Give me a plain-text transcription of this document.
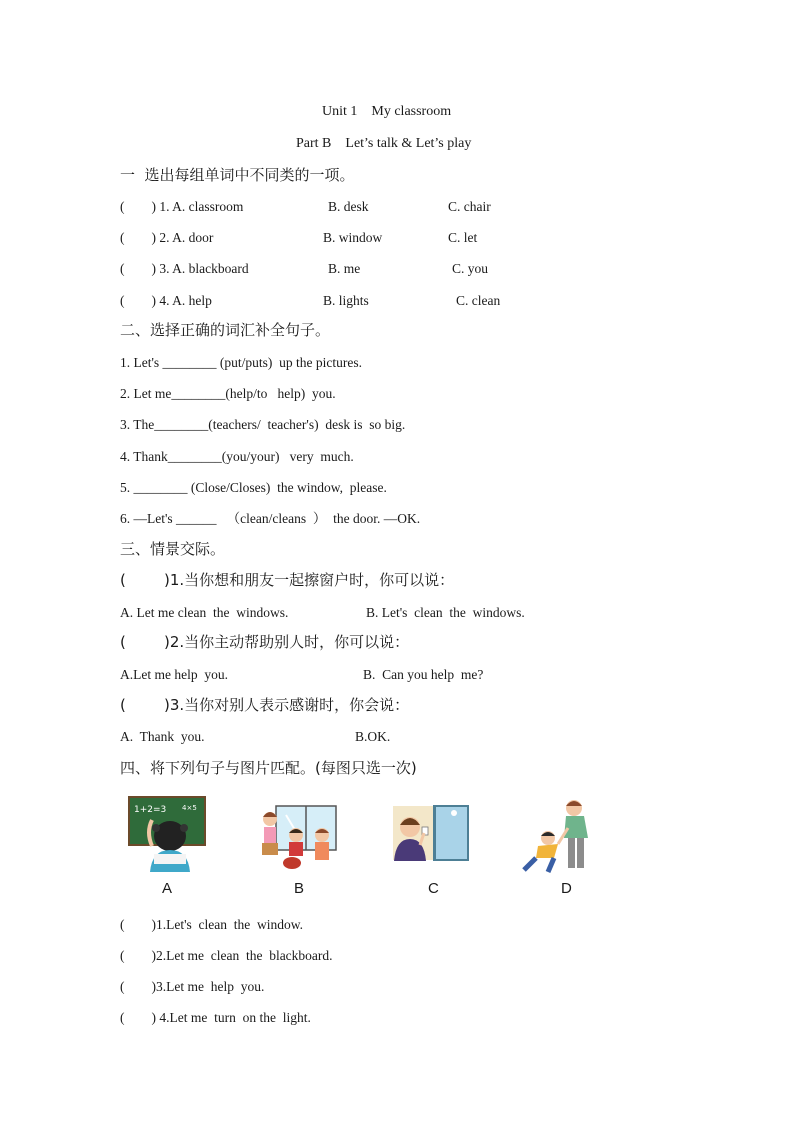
Unit 1    My classroom
Part B    Let’s talk & Let’s play
一  选出每组单词中不同类的一项。
(        ) 1. A. classroom	B. desk	C. chair
(        ) 2. A. door	B. window	C. let
(        ) 3. A. blackboard	B. me	C. you
(        ) 4. A. help	B. lights	C. clean
二、选择正确的词汇补全句子。
1. Let's ________ (put/puts)  up the pictures.
2. Let me________(help/to   help)  you.
3. The________(teachers/  teacher's)  desk is  so big.
4. Thank________(you/your)   very  much.
5. ________ (Close/Closes)  the window,  please.
6. —Let's ______   （clean/cleans  ）  the door. —OK.
三、情景交际。
(        )1.当你想和朋友一起擦窗户时，你可以说：
A. Let me clean  the  windows.	B. Let's  clean  the  windows.
(        )2.当你主动帮助别人时，你可以说：
A.Let me help  you.	B.  Can you help  me?
(        )3.当你对别人表示感谢时，你会说：
A.  Thank  you.	B.OK.
四、将下列句子与图片匹配。(每图只选一次)
1+2=3 4×5
A	B	C	D
(        )1.Let's  clean  the  window.
(        )2.Let me  clean  the  blackboard.
(        )3.Let me  help  you.
(        ) 4.Let me  turn  on the  light.
